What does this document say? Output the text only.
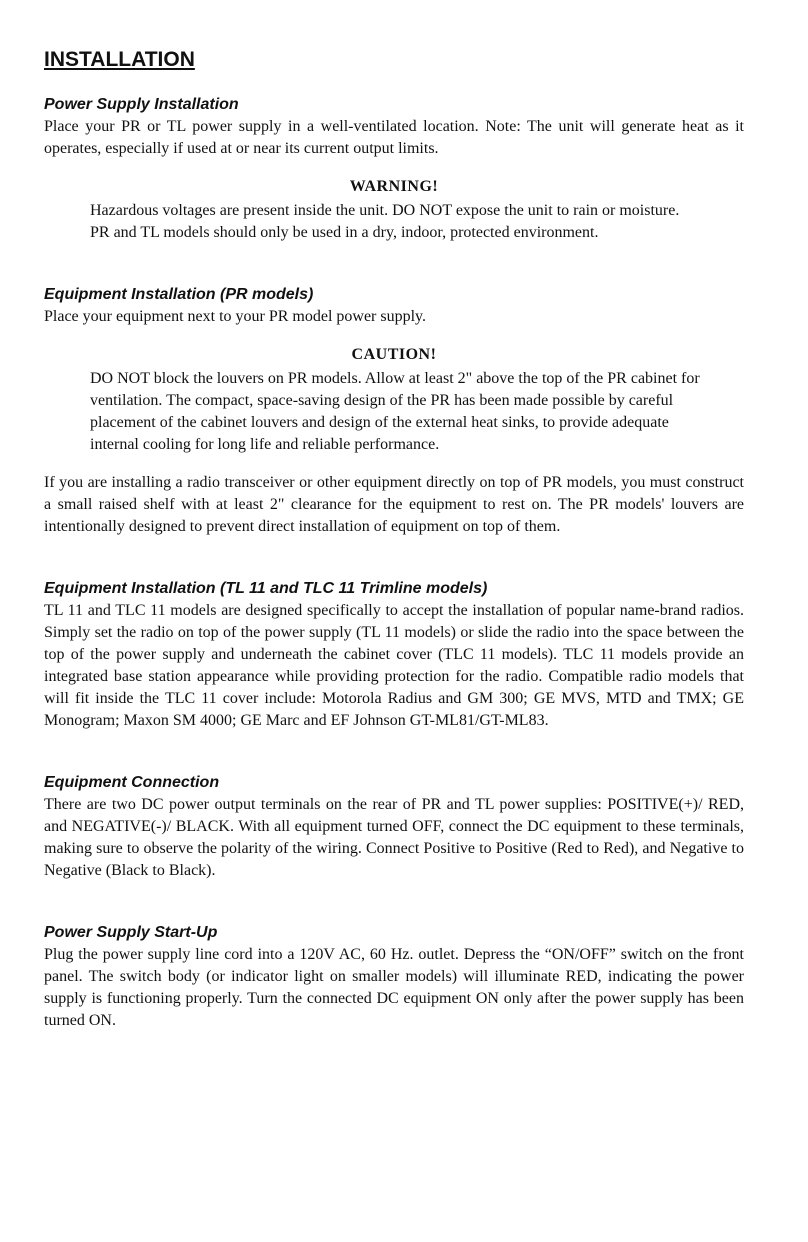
INSTALLATION
Power Supply Installation

Place your PR or TL power supply in a well-ventilated location. Note: The unit will generate heat as it operates, especially if used at or near its current output limits.

WARNING!

Hazardous voltages are present inside the unit. DO NOT expose the unit to rain or moisture. PR and TL models should only be used in a dry, indoor, protected environment.

Equipment Installation (PR models)

Place your equipment next to your PR model power supply.

CAUTION!

DO NOT block the louvers on PR models. Allow at least 2" above the top of the PR cabinet for ventilation. The compact, space-saving design of the PR has been made possible by careful placement of the cabinet louvers and design of the external heat sinks, to provide adequate internal cooling for long life and reliable performance.

If you are installing a radio transceiver or other equipment directly on top of PR models, you must construct a small raised shelf with at least 2" clearance for the equipment to rest on. The PR models' louvers are intentionally designed to prevent direct installation of equipment on top of them.

Equipment Installation (TL 11 and TLC 11 Trimline models)

TL 11 and TLC 11 models are designed specifically to accept the installation of popular name-brand radios. Simply set the radio on top of the power supply (TL 11 models) or slide the radio into the space between the top of the power supply and underneath the cabinet cover (TLC 11 models). TLC 11 models provide an integrated base station appearance while providing protection for the radio. Compatible radio models that will fit inside the TLC 11 cover include: Motorola Radius and GM 300; GE MVS, MTD and TMX; GE Monogram; Maxon SM 4000; GE Marc and EF Johnson GT-ML81/GT-ML83.

Equipment Connection

There are two DC power output terminals on the rear of PR and TL power supplies: POSITIVE(+)/ RED, and NEGATIVE(-)/ BLACK. With all equipment turned OFF, connect the DC equipment to these terminals, making sure to observe the polarity of the wiring. Connect Positive to Positive (Red to Red), and Negative to Negative (Black to Black).

Power Supply Start-Up

Plug the power supply line cord into a 120V AC, 60 Hz. outlet. Depress the “ON/OFF” switch on the front panel. The switch body (or indicator light on smaller models) will illuminate RED, indicating the power supply is functioning properly. Turn the connected DC equipment ON only after the power supply has been turned ON.
